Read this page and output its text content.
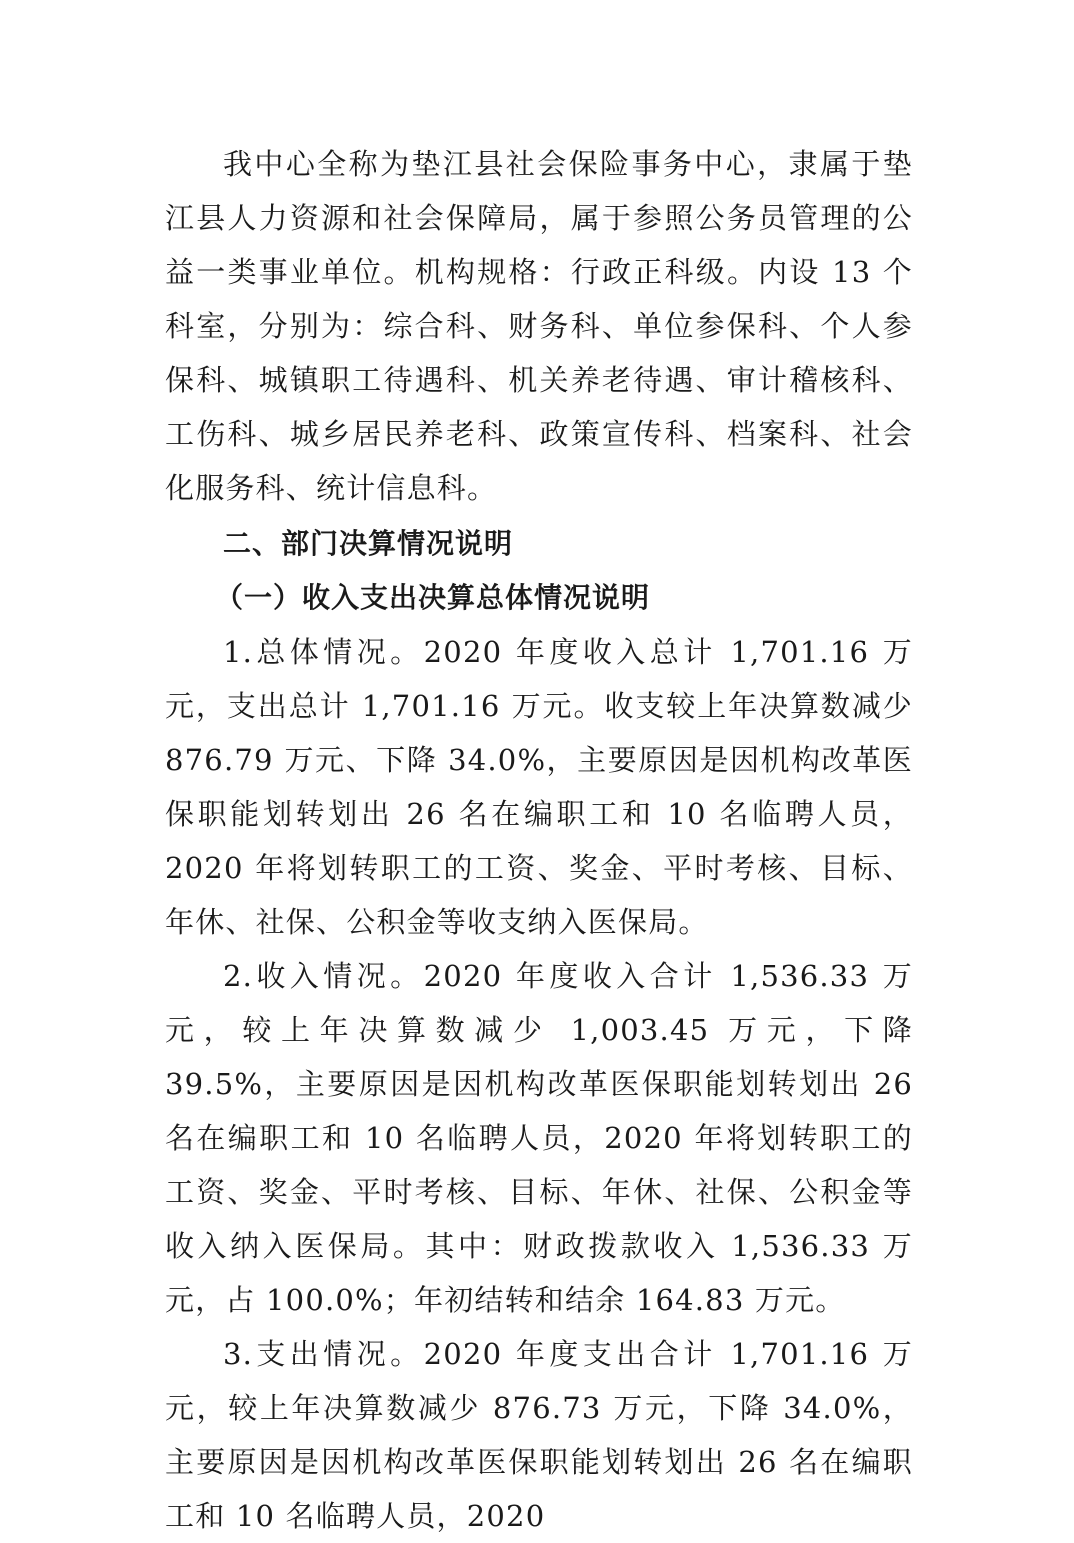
我中心全称为垫江县社会保险事务中心，隶属于垫江县人力资源和社会保障局，属于参照公务员管理的公益一类事业单位。机构规格：行政正科级。内设 13 个科室，分别为：综合科、财务科、单位参保科、个人参保科、城镇职工待遇科、机关养老待遇、审计稽核科、工伤科、城乡居民养老科、政策宣传科、档案科、社会化服务科、统计信息科。

二、部门决算情况说明

（一）收入支出决算总体情况说明

1.总体情况。2020 年度收入总计 1,701.16 万元，支出总计 1,701.16 万元。收支较上年决算数减少 876.79 万元、下降 34.0%，主要原因是因机构改革医保职能划转划出 26 名在编职工和 10 名临聘人员，2020 年将划转职工的工资、奖金、平时考核、目标、年休、社保、公积金等收支纳入医保局。

2.收入情况。2020 年度收入合计 1,536.33 万元，较上年决算数减少 1,003.45 万元，下降 39.5%，主要原因是因机构改革医保职能划转划出 26 名在编职工和 10 名临聘人员，2020 年将划转职工的工资、奖金、平时考核、目标、年休、社保、公积金等收入纳入医保局。其中：财政拨款收入 1,536.33 万元，占 100.0%；年初结转和结余 164.83 万元。

3.支出情况。2020 年度支出合计 1,701.16 万元，较上年决算数减少 876.73 万元，下降 34.0%，主要原因是因机构改革医保职能划转划出 26 名在编职工和 10 名临聘人员，2020
